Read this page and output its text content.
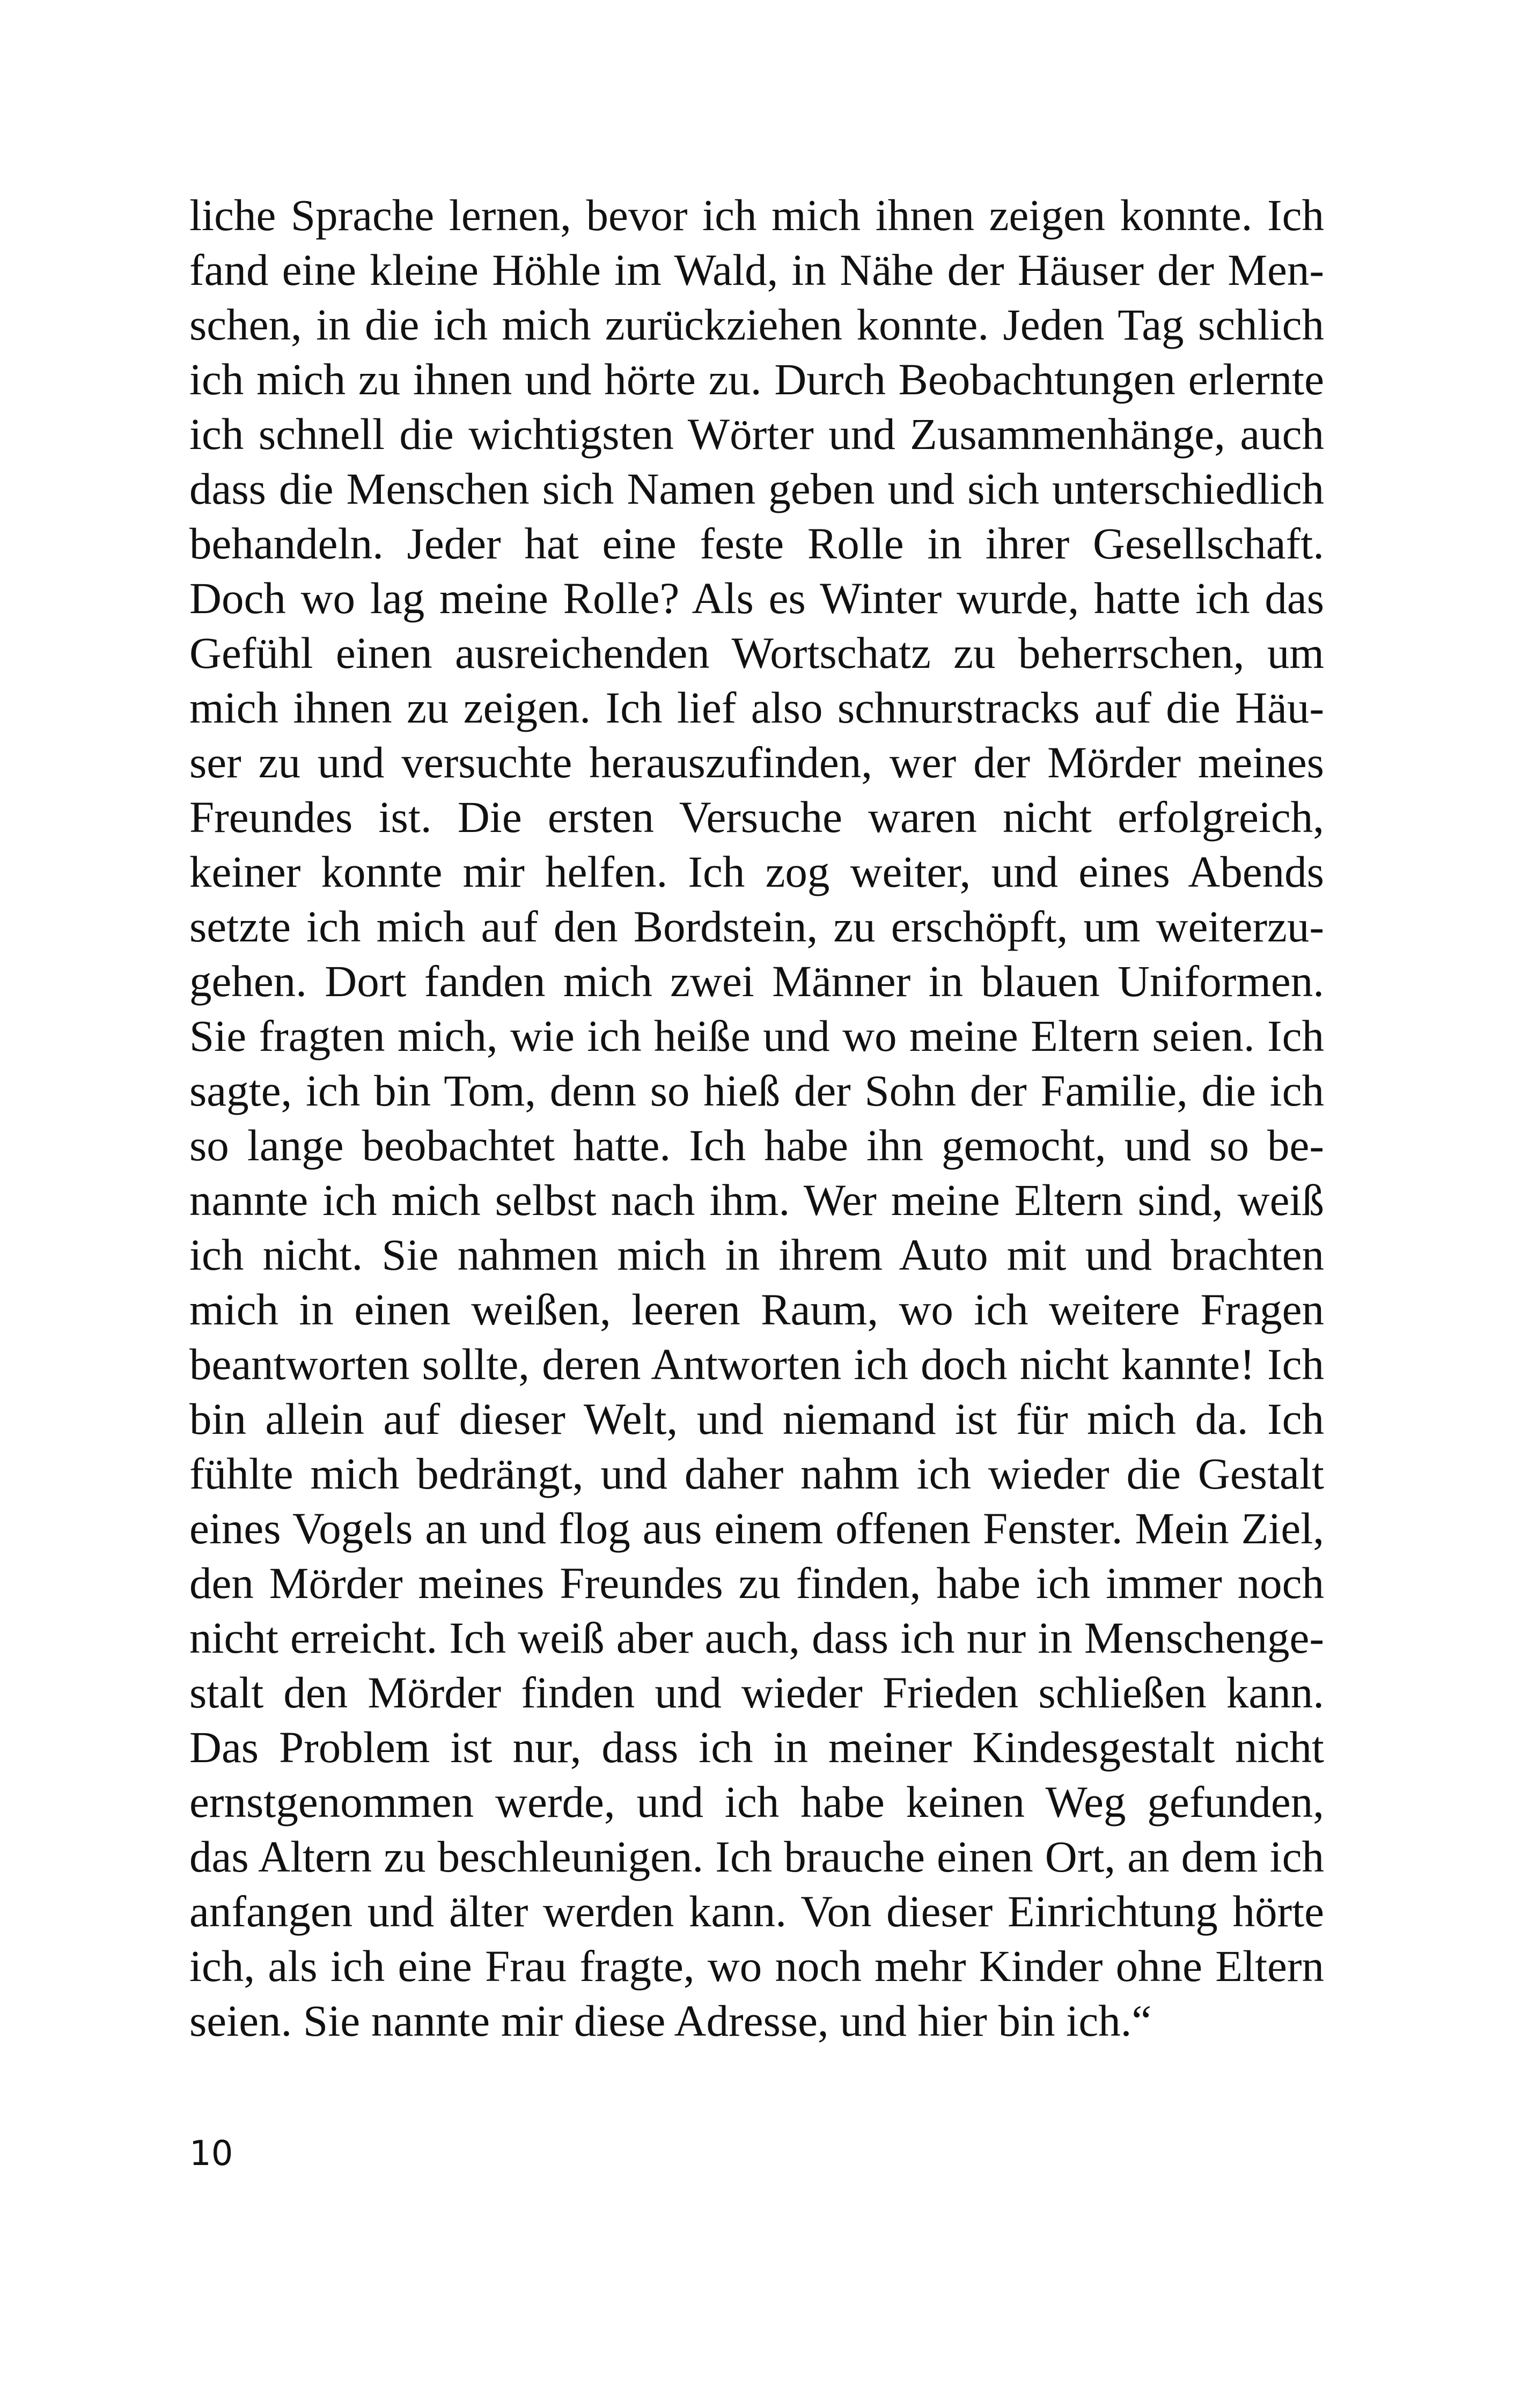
liche Sprache lernen, bevor ich mich ihnen zeigen konnte. Ich
fand eine kleine Höhle im Wald, in Nähe der Häuser der Men-
schen, in die ich mich zurückziehen konnte. Jeden Tag schlich
ich mich zu ihnen und hörte zu. Durch Beobachtungen erlernte
ich schnell die wichtigsten Wörter und Zusammenhänge, auch
dass die Menschen sich Namen geben und sich unterschiedlich
behandeln. Jeder hat eine feste Rolle in ihrer Gesellschaft.
Doch wo lag meine Rolle? Als es Winter wurde, hatte ich das
Gefühl einen ausreichenden Wortschatz zu beherrschen, um
mich ihnen zu zeigen. Ich lief also schnurstracks auf die Häu-
ser zu und versuchte herauszufinden, wer der Mörder meines
Freundes ist. Die ersten Versuche waren nicht erfolgreich,
keiner konnte mir helfen. Ich zog weiter, und eines Abends
setzte ich mich auf den Bordstein, zu erschöpft, um weiterzu-
gehen. Dort fanden mich zwei Männer in blauen Uniformen.
Sie fragten mich, wie ich heiße und wo meine Eltern seien. Ich
sagte, ich bin Tom, denn so hieß der Sohn der Familie, die ich
so lange beobachtet hatte. Ich habe ihn gemocht, und so be-
nannte ich mich selbst nach ihm. Wer meine Eltern sind, weiß
ich nicht. Sie nahmen mich in ihrem Auto mit und brachten
mich in einen weißen, leeren Raum, wo ich weitere Fragen
beantworten sollte, deren Antworten ich doch nicht kannte! Ich
bin allein auf dieser Welt, und niemand ist für mich da. Ich
fühlte mich bedrängt, und daher nahm ich wieder die Gestalt
eines Vogels an und flog aus einem offenen Fenster. Mein Ziel,
den Mörder meines Freundes zu finden, habe ich immer noch
nicht erreicht. Ich weiß aber auch, dass ich nur in Menschenge-
stalt den Mörder finden und wieder Frieden schließen kann.
Das Problem ist nur, dass ich in meiner Kindesgestalt nicht
ernstgenommen werde, und ich habe keinen Weg gefunden,
das Altern zu beschleunigen. Ich brauche einen Ort, an dem ich
anfangen und älter werden kann. Von dieser Einrichtung hörte
ich, als ich eine Frau fragte, wo noch mehr Kinder ohne Eltern
seien. Sie nannte mir diese Adresse, und hier bin ich.“
10
